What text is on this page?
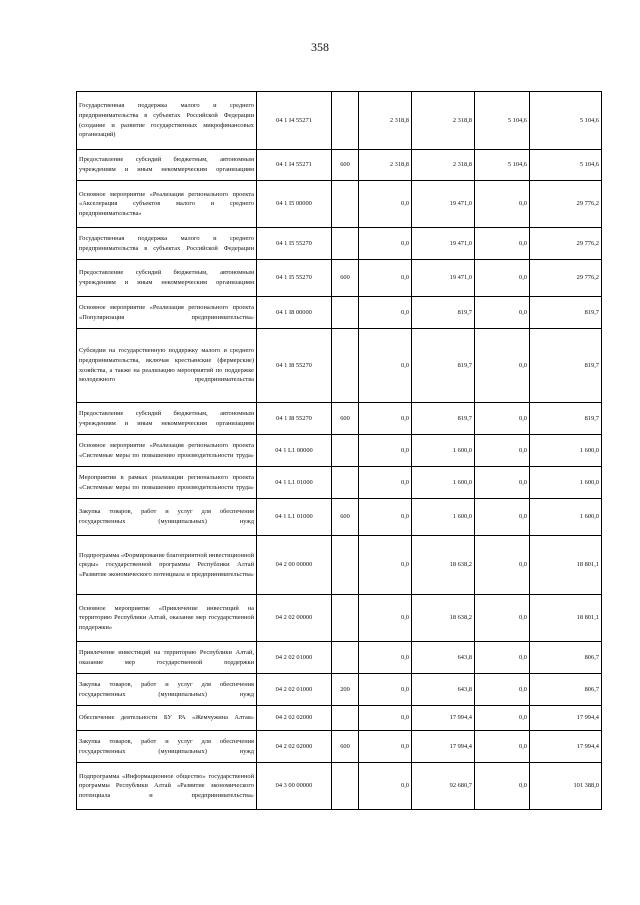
358
Государственная поддержка малого и среднего предпринимательства в субъектах Российской Федерации (создание и развитие государственных микрофинансовых организаций)	04 1 I4 55271		2 318,8	2 318,8	5 104,6	5 104,6
Предоставление субсидий бюджетным, автономным учреждениям и иным некоммерческим организациям	04 1 I4 55271	600	2 318,8	2 318,8	5 104,6	5 104,6
Основное мероприятие «Реализация регионального проекта «Акселерация субъектов малого и среднего предпринимательства»	04 1 I5 00000		0,0	19 471,0	0,0	29 776,2
Государственная поддержка малого и среднего предпринимательства в субъектах Российской Федерации	04 1 I5 55270		0,0	19 471,0	0,0	29 776,2
Предоставление субсидий бюджетным, автономным учреждениям и иным некоммерческим организациям	04 1 I5 55270	600	0,0	19 471,0	0,0	29 776,2
Основное мероприятие «Реализация регионального проекта «Популяризация предпринимательства»	04 1 I8 00000		0,0	819,7	0,0	819,7
Субсидии на государственную поддержку малого и среднего предпринимательства, включая крестьянские (фермерские) хозяйства, а также на реализацию мероприятий по поддержке молодежного предпринимательства	04 1 I8 55270		0,0	819,7	0,0	819,7
Предоставление субсидий бюджетным, автономным учреждениям и иным некоммерческим организациям	04 1 I8 55270	600	0,0	819,7	0,0	819,7
Основное мероприятие «Реализация регионального проекта «Системные меры по повышению производительности труда»	04 1 L1 00000		0,0	1 600,0	0,0	1 600,0
Мероприятия в рамках реализации регионального проекта «Системные меры по повышению производительности труда»	04 1 L1 01000		0,0	1 600,0	0,0	1 600,0
Закупка товаров, работ и услуг для обеспечения государственных (муниципальных) нужд	04 1 L1 01000	600	0,0	1 600,0	0,0	1 600,0
Подпрограмма «Формирование благоприятной инвестиционной среды» государственной программы Республики Алтай «Развитие экономического потенциала и предпринимательства»	04 2 00 00000		0,0	18 638,2	0,0	18 801,1
Основное мероприятие «Привлечение инвестиций на территорию Республики Алтай, оказание мер государственной поддержки»	04 2 02 00000		0,0	18 638,2	0,0	18 801,1
Привлечение инвестиций на территорию Республики Алтай, оказание мер государственной поддержки	04 2 02 01000		0,0	643,8	0,0	806,7
Закупка товаров, работ и услуг для обеспечения государственных (муниципальных) нужд	04 2 02 01000	200	0,0	643,8	0,0	806,7
Обеспечение деятельности БУ РА «Жемчужина Алтая»	04 2 02 02000		0,0	17 994,4	0,0	17 994,4
Закупка товаров, работ и услуг для обеспечения государственных (муниципальных) нужд	04 2 02 02000	600	0,0	17 994,4	0,0	17 994,4
Подпрограмма «Информационное общество» государственной программы Республики Алтай «Развитие экономического потенциала и предпринимательства»	04 3 00 00000		0,0	92 680,7	0,0	101 388,0
